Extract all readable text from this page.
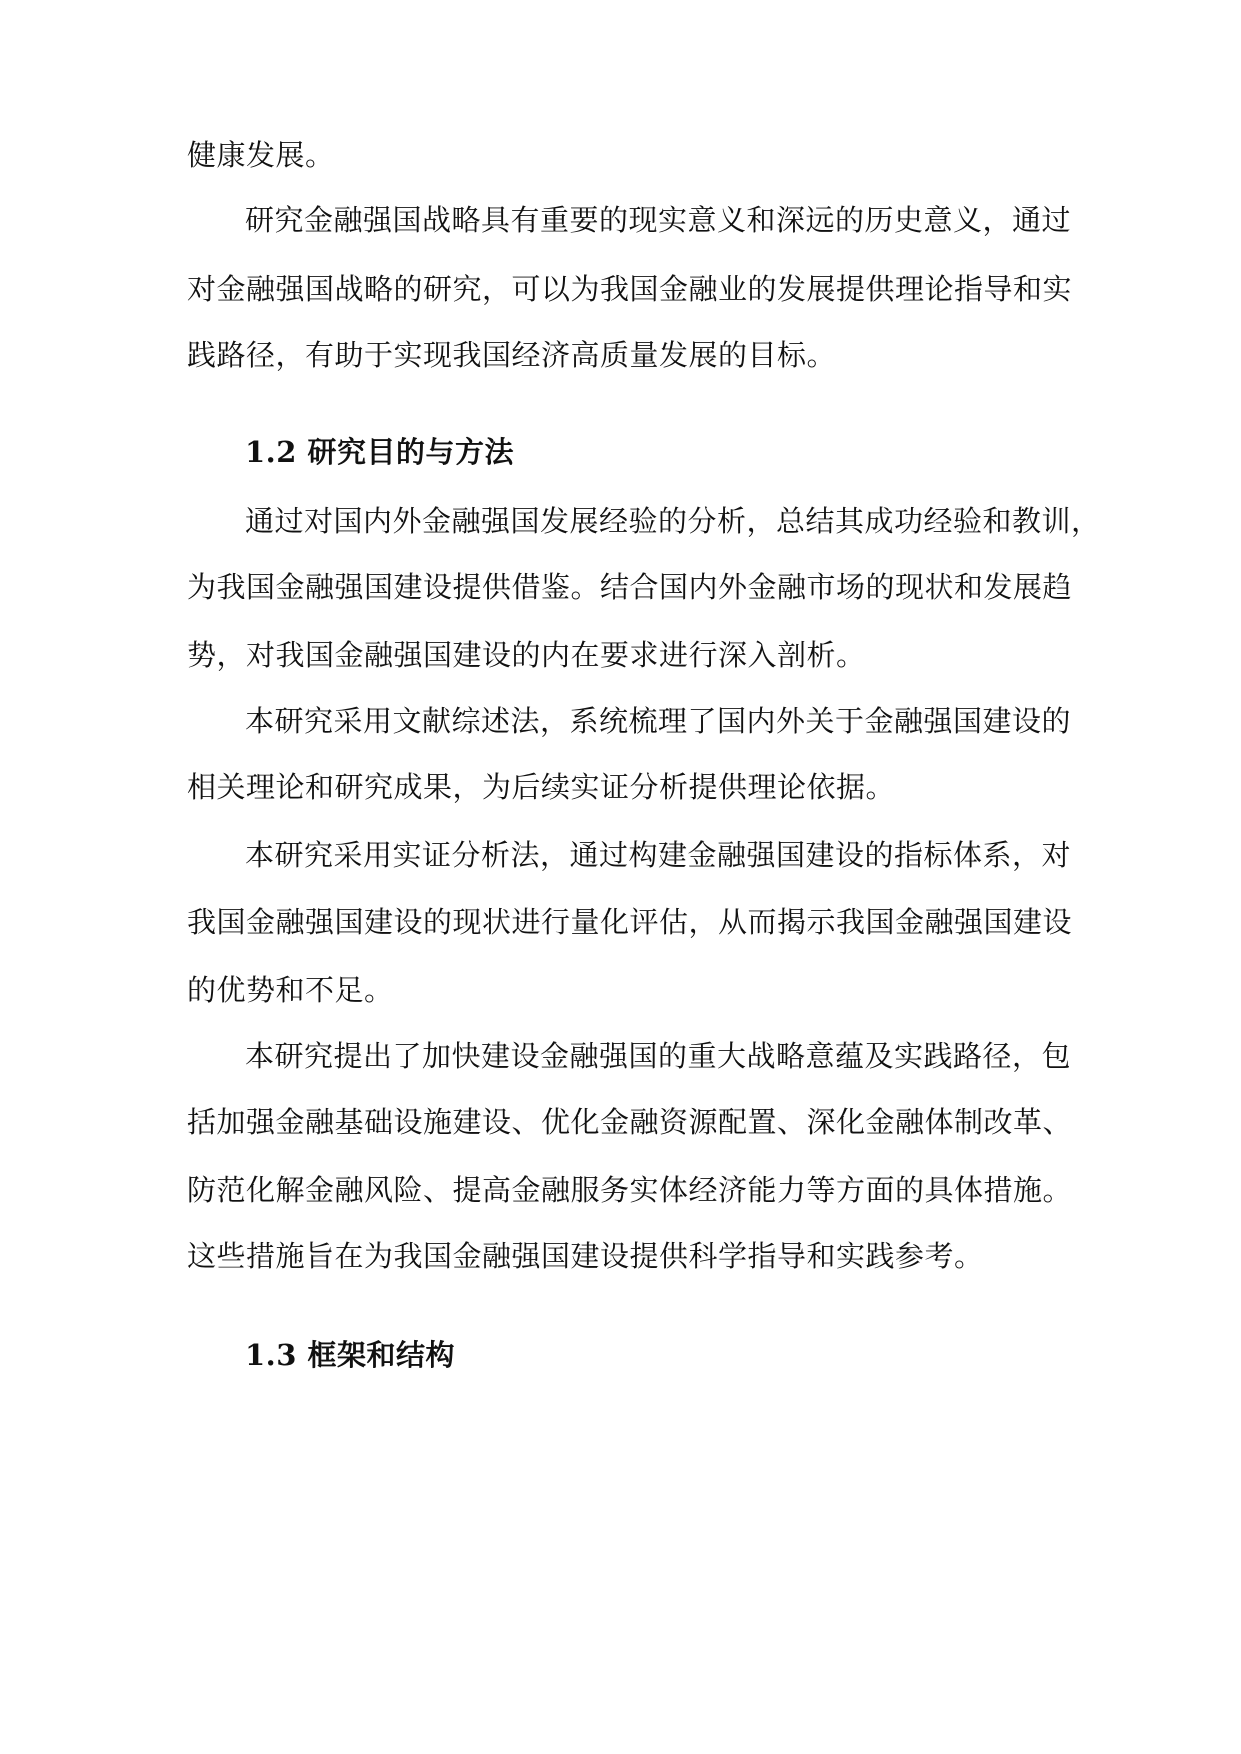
健康发展。
研究金融强国战略具有重要的现实意义和深远的历史意义，通过
对金融强国战略的研究，可以为我国金融业的发展提供理论指导和实
践路径，有助于实现我国经济高质量发展的目标。
1.2 研究目的与方法
通过对国内外金融强国发展经验的分析，总结其成功经验和教训，
为我国金融强国建设提供借鉴。结合国内外金融市场的现状和发展趋
势，对我国金融强国建设的内在要求进行深入剖析。
本研究采用文献综述法，系统梳理了国内外关于金融强国建设的
相关理论和研究成果，为后续实证分析提供理论依据。
本研究采用实证分析法，通过构建金融强国建设的指标体系，对
我国金融强国建设的现状进行量化评估，从而揭示我国金融强国建设
的优势和不足。
本研究提出了加快建设金融强国的重大战略意蕴及实践路径，包
括加强金融基础设施建设、优化金融资源配置、深化金融体制改革、
防范化解金融风险、提高金融服务实体经济能力等方面的具体措施。
这些措施旨在为我国金融强国建设提供科学指导和实践参考。
1.3 框架和结构
